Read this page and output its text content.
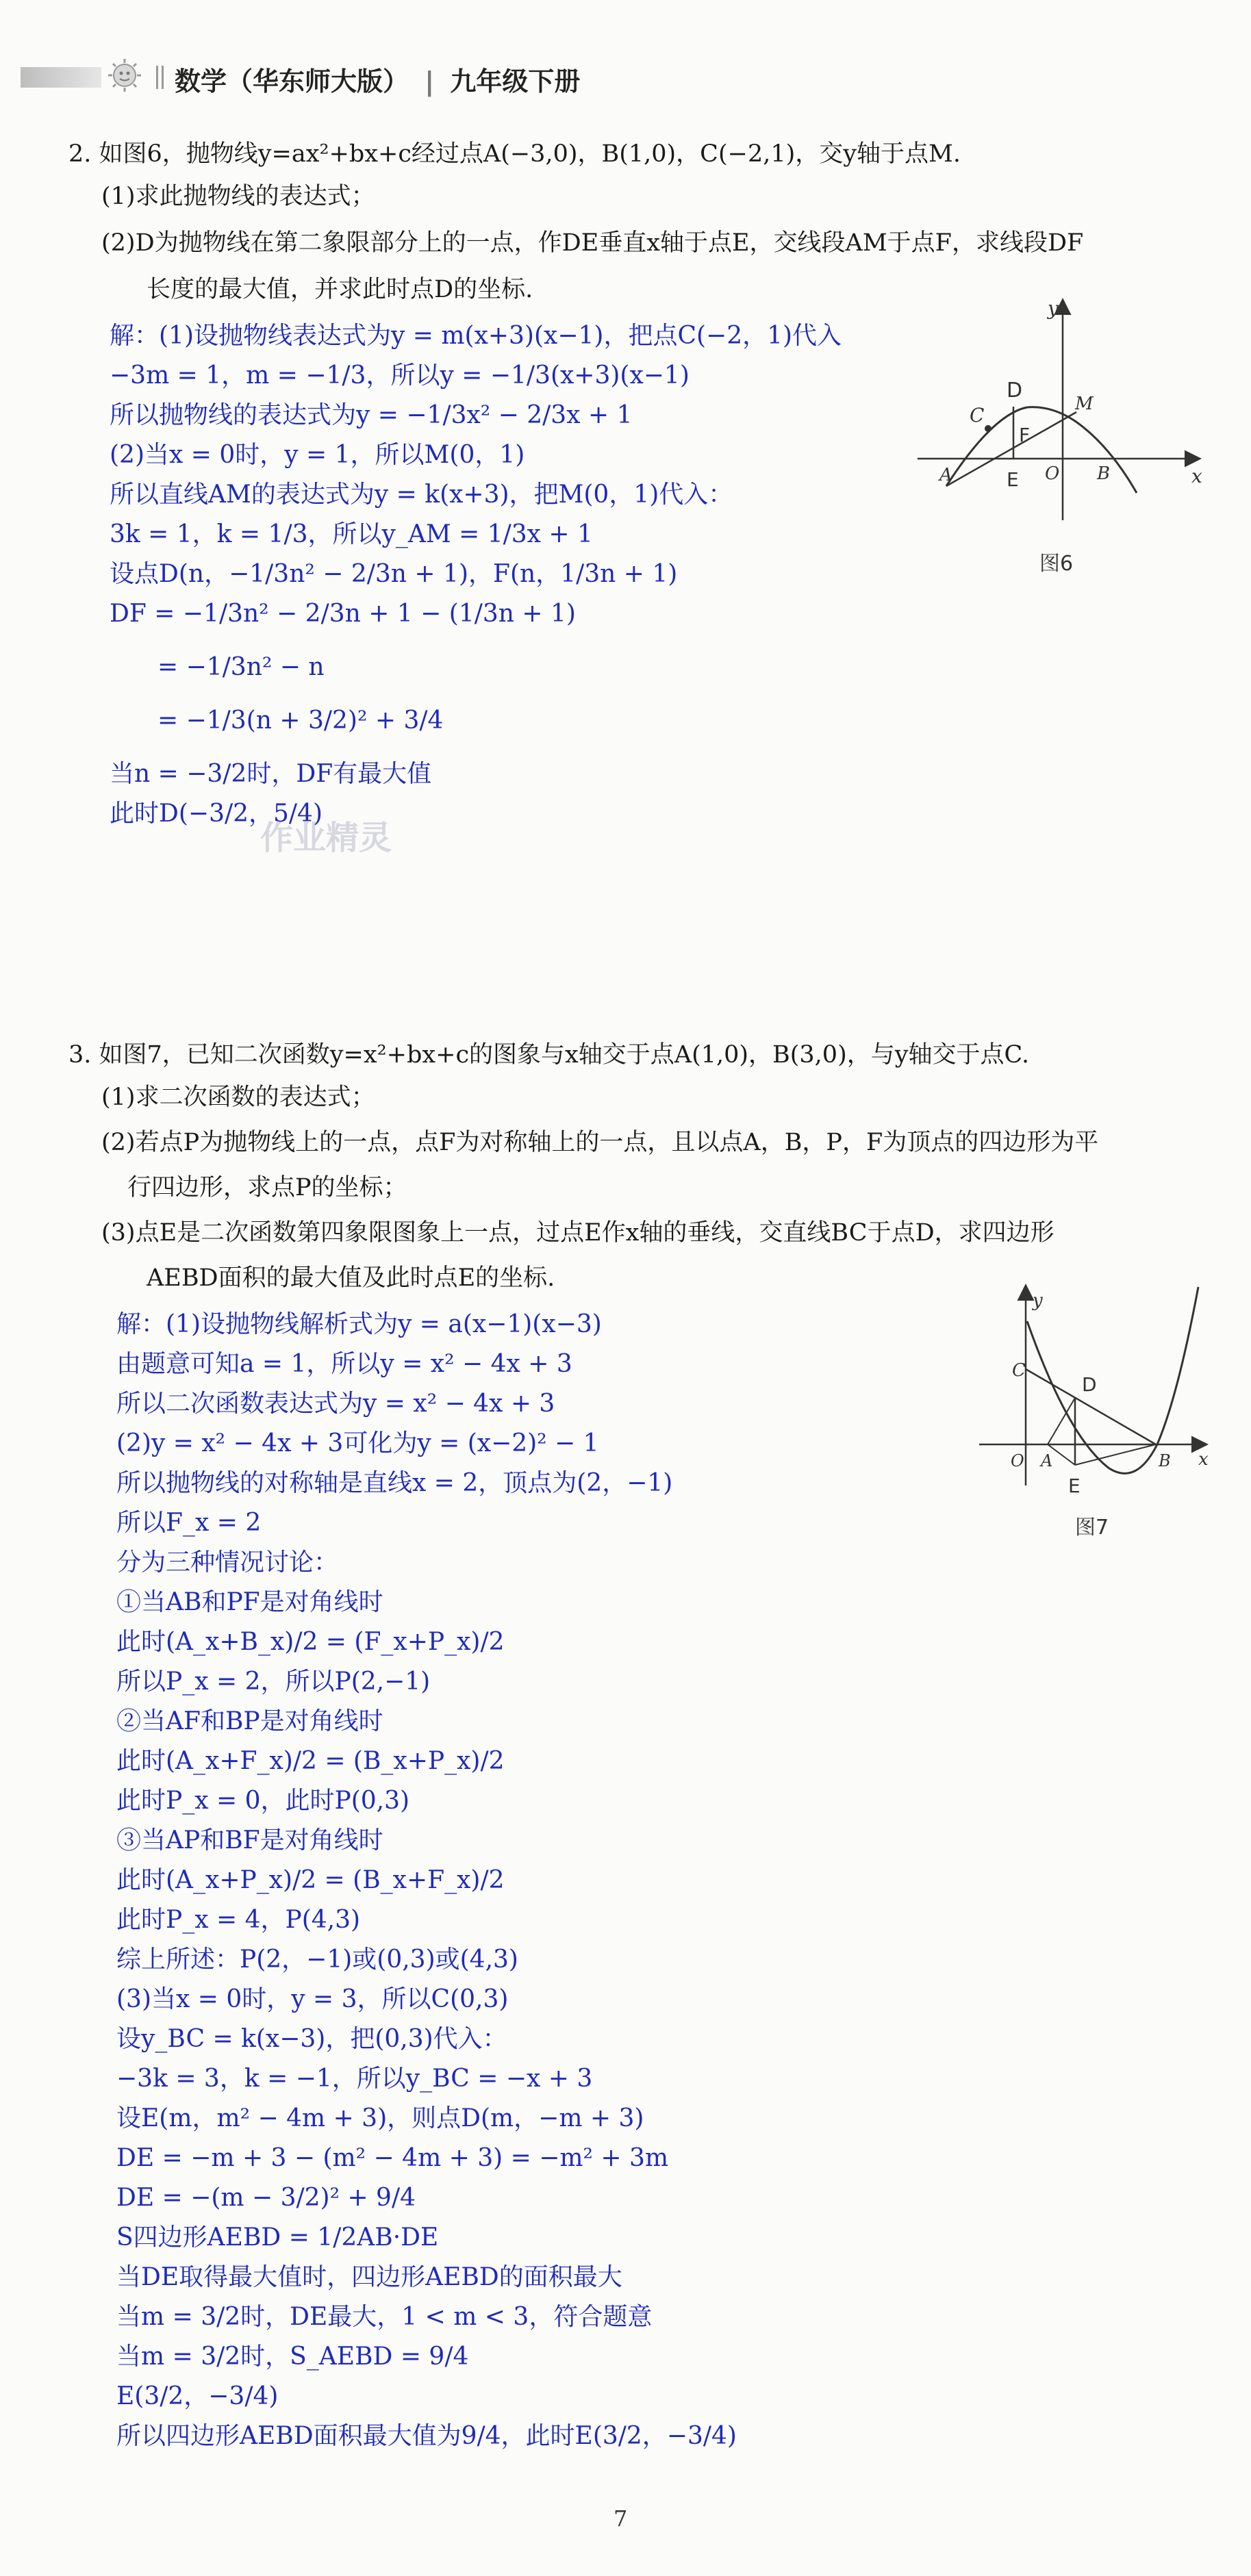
数学（华东师大版） | 九年级下册
2. 如图6，抛物线y=ax²+bx+c经过点A(−3,0)，B(1,0)，C(−2,1)，交y轴于点M.
(1)求此抛物线的表达式；
(2)D为抛物线在第二象限部分上的一点，作DE垂直x轴于点E，交线段AM于点F，求线段DF
长度的最大值，并求此时点D的坐标.
解：(1)设抛物线表达式为y = m(x+3)(x−1)，把点C(−2，1)代入
−3m = 1，m = −1/3，所以y = −1/3(x+3)(x−1)
所以抛物线的表达式为y = −1/3x² − 2/3x + 1
(2)当x = 0时，y = 1，所以M(0，1)
所以直线AM的表达式为y = k(x+3)，把M(0，1)代入：
3k = 1，k = 1/3，所以y_AM = 1/3x + 1
设点D(n，−1/3n² − 2/3n + 1)，F(n，1/3n + 1)
DF = −1/3n² − 2/3n + 1 − (1/3n + 1)
= −1/3n² − n
= −1/3(n + 3/2)² + 3/4
当n = −3/2时，DF有最大值
此时D(−3/2，5/4)
作业精灵
y
x
C
D
M
F
A	E O B
图6
3. 如图7，已知二次函数y=x²+bx+c的图象与x轴交于点A(1,0)，B(3,0)，与y轴交于点C.
(1)求二次函数的表达式；
(2)若点P为抛物线上的一点，点F为对称轴上的一点，且以点A，B，P，F为顶点的四边形为平
行四边形，求点P的坐标；
(3)点E是二次函数第四象限图象上一点，过点E作x轴的垂线，交直线BC于点D，求四边形
AEBD面积的最大值及此时点E的坐标.
解：(1)设抛物线解析式为y = a(x−1)(x−3)
由题意可知a = 1，所以y = x² − 4x + 3
所以二次函数表达式为y = x² − 4x + 3
(2)y = x² − 4x + 3可化为y = (x−2)² − 1
所以抛物线的对称轴是直线x = 2，顶点为(2，−1)
所以F_x = 2
分为三种情况讨论：
①当AB和PF是对角线时
此时(A_x+B_x)/2 = (F_x+P_x)/2
所以P_x = 2，所以P(2,−1)
②当AF和BP是对角线时
此时(A_x+F_x)/2 = (B_x+P_x)/2
此时P_x = 0，此时P(0,3)
③当AP和BF是对角线时
此时(A_x+P_x)/2 = (B_x+F_x)/2
此时P_x = 4，P(4,3)
综上所述：P(2，−1)或(0,3)或(4,3)
(3)当x = 0时，y = 3，所以C(0,3)
设y_BC = k(x−3)，把(0,3)代入：
−3k = 3，k = −1，所以y_BC = −x + 3
设E(m，m² − 4m + 3)，则点D(m，−m + 3)
DE = −m + 3 − (m² − 4m + 3) = −m² + 3m
DE = −(m − 3/2)² + 9/4
S四边形AEBD = 1/2AB·DE
当DE取得最大值时，四边形AEBD的面积最大
当m = 3/2时，DE最大，1 < m < 3，符合题意
当m = 3/2时，S_AEBD = 9/4
E(3/2，−3/4)
所以四边形AEBD面积最大值为9/4，此时E(3/2，−3/4)
y
x
C
D
O A	B
E
图7
7
